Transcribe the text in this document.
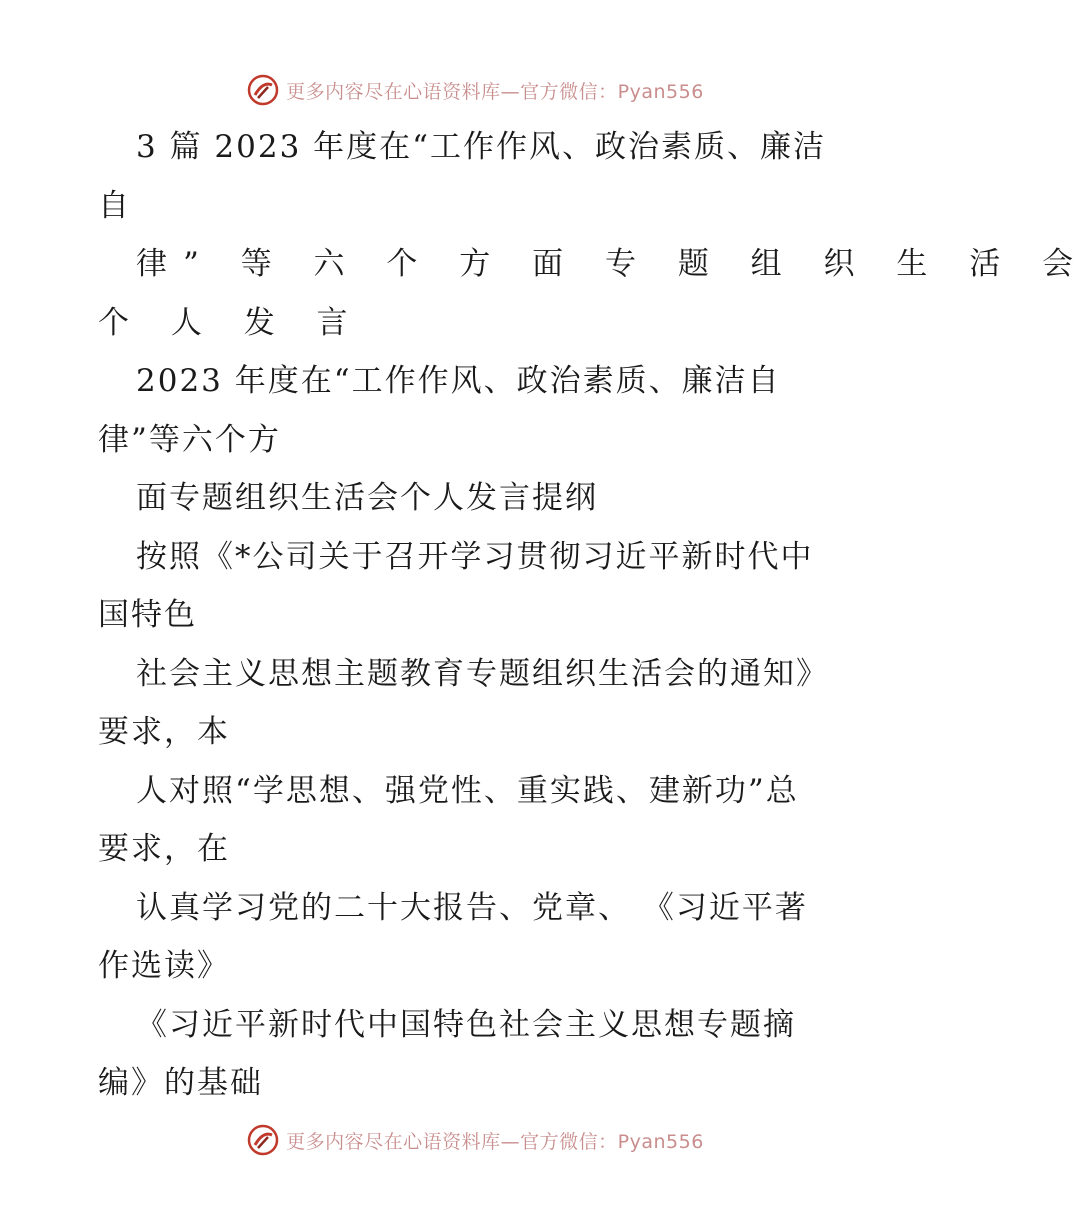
更多内容尽在心语资料库—官方微信：Pyan556
3 篇 2023 年度在“工作作风、政治素质、廉洁
自
律” 等 六 个 方 面 专 题 组 织 生 活 会
个 人 发 言
2023 年度在“工作作风、政治素质、廉洁自
律”等六个方
面专题组织生活会个人发言提纲
按照《*公司关于召开学习贯彻习近平新时代中
国特色
社会主义思想主题教育专题组织生活会的通知》
要求，本
人对照“学思想、强党性、重实践、建新功”总
要求，在
认真学习党的二十大报告、党章、 《习近平著
作选读》
《习近平新时代中国特色社会主义思想专题摘
编》的基础
更多内容尽在心语资料库—官方微信：Pyan556
